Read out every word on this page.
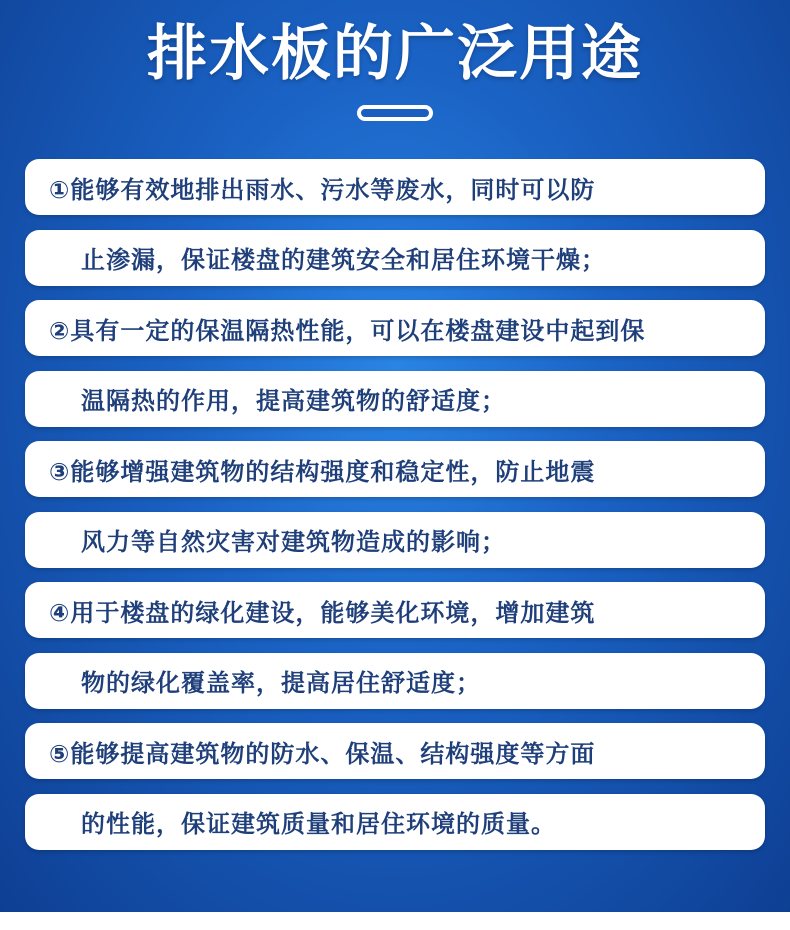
排水板的广泛用途
①能够有效地排出雨水、污水等废水，同时可以防
止渗漏，保证楼盘的建筑安全和居住环境干燥；
②具有一定的保温隔热性能，可以在楼盘建设中起到保
温隔热的作用，提高建筑物的舒适度；
③能够增强建筑物的结构强度和稳定性，防止地震
风力等自然灾害对建筑物造成的影响；
④用于楼盘的绿化建设，能够美化环境，增加建筑
物的绿化覆盖率，提高居住舒适度；
⑤能够提高建筑物的防水、保温、结构强度等方面
的性能，保证建筑质量和居住环境的质量。
